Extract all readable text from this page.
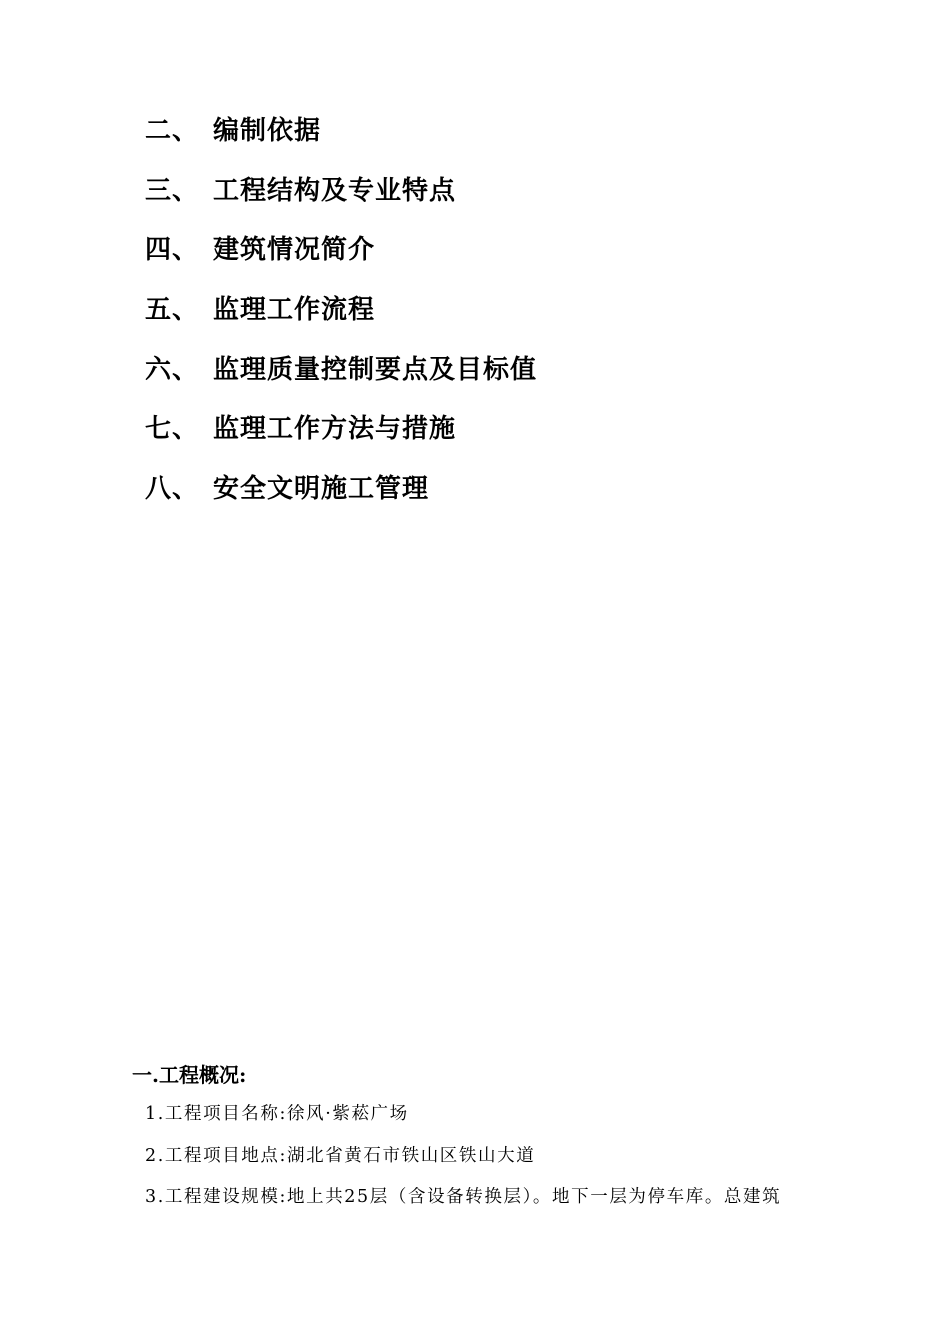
二、 编制依据
三、 工程结构及专业特点
四、 建筑情况简介
五、 监理工作流程
六、 监理质量控制要点及目标值
七、 监理工作方法与措施
八、 安全文明施工管理
一.工程概况:
1.工程项目名称:徐风·紫菘广场
2.工程项目地点:湖北省黄石市铁山区铁山大道
3.工程建设规模:地上共25层（含设备转换层）。地下一层为停车库。总建筑
